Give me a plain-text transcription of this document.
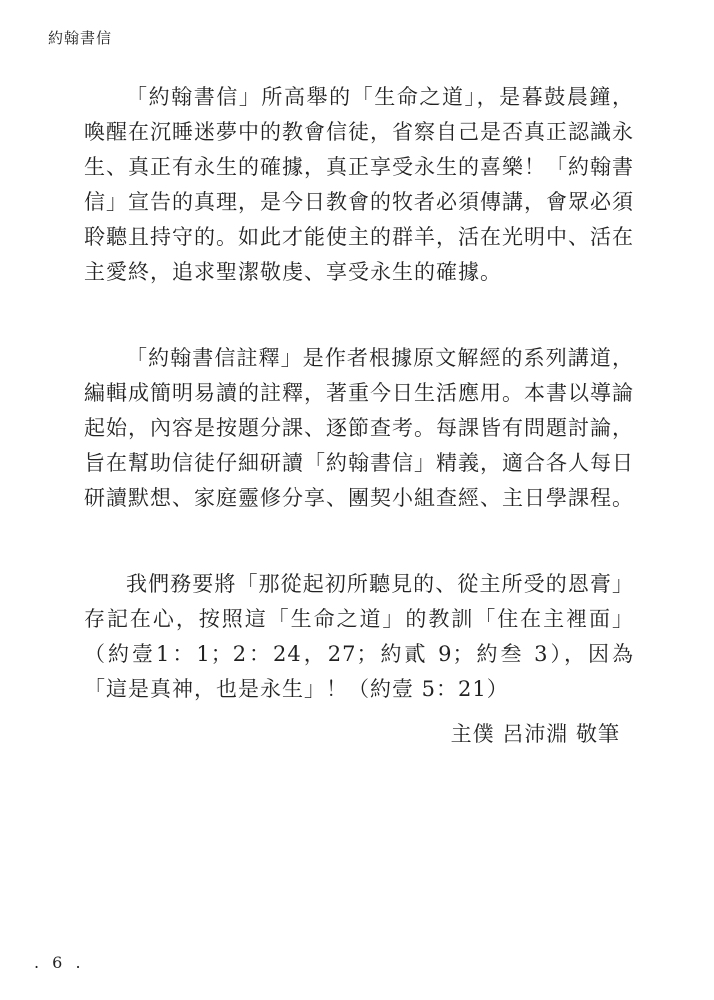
約翰書信

「約翰書信」所高舉的「生命之道」，是暮鼓晨鐘，喚醒在沉睡迷夢中的教會信徒，省察自己是否真正認識永生、真正有永生的確據，真正享受永生的喜樂！「約翰書信」宣告的真理，是今日教會的牧者必須傳講，會眾必須聆聽且持守的。如此才能使主的群羊，活在光明中、活在主愛終，追求聖潔敬虔、享受永生的確據。

「約翰書信註釋」是作者根據原文解經的系列講道，編輯成簡明易讀的註釋，著重今日生活應用。本書以導論起始，內容是按題分課、逐節查考。每課皆有問題討論，旨在幫助信徒仔細研讀「約翰書信」精義，適合各人每日研讀默想、家庭靈修分享、團契小組查經、主日學課程。

我們務要將「那從起初所聽見的、從主所受的恩膏」存記在心，按照這「生命之道」的教訓「住在主裡面」（約壹1：1；2：24，27；約貳 9；約叁 3），因為「這是真神，也是永生」！（約壹 5：21）

主僕 呂沛淵 敬筆
. 6 .
